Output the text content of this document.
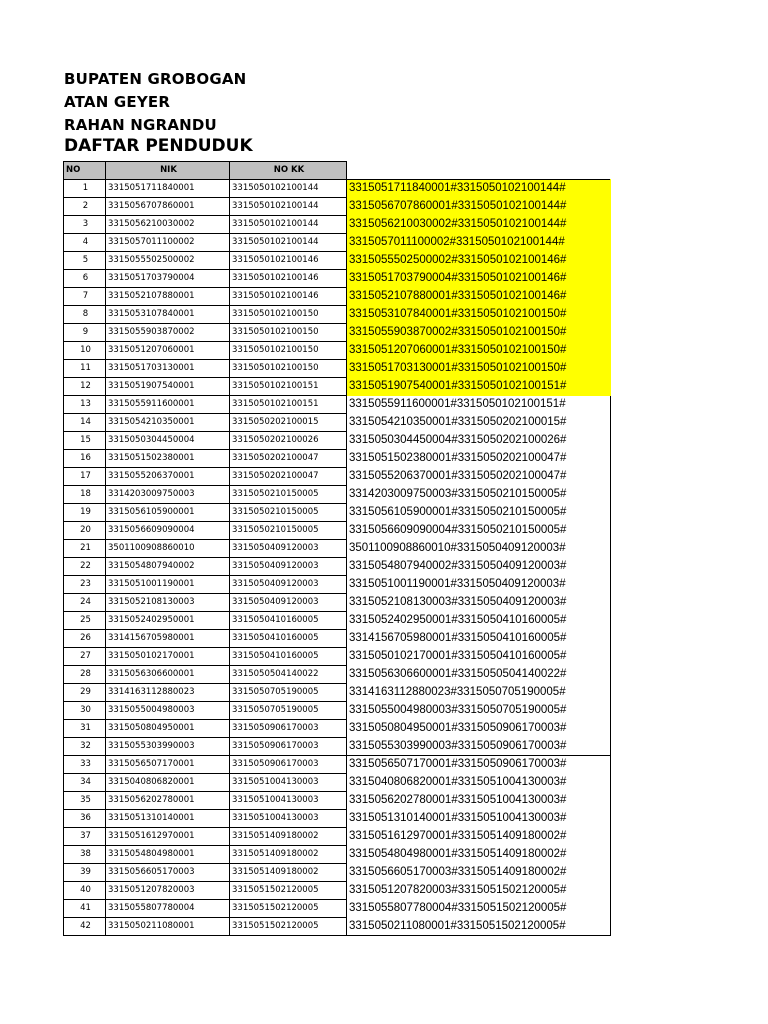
BUPATEN GROBOGAN
ATAN GEYER
RAHAN NGRANDU
DAFTAR PENDUDUK
NO	NIK	NO KK	
1	3315051711840001	3315050102100144	3315051711840001#3315050102100144#
2	3315056707860001	3315050102100144	3315056707860001#3315050102100144#
3	3315056210030002	3315050102100144	3315056210030002#3315050102100144#
4	3315057011100002	3315050102100144	3315057011100002#3315050102100144#
5	3315055502500002	3315050102100146	3315055502500002#3315050102100146#
6	3315051703790004	3315050102100146	3315051703790004#3315050102100146#
7	3315052107880001	3315050102100146	3315052107880001#3315050102100146#
8	3315053107840001	3315050102100150	3315053107840001#3315050102100150#
9	3315055903870002	3315050102100150	3315055903870002#3315050102100150#
10	3315051207060001	3315050102100150	3315051207060001#3315050102100150#
11	3315051703130001	3315050102100150	3315051703130001#3315050102100150#
12	3315051907540001	3315050102100151	3315051907540001#3315050102100151#
13	3315055911600001	3315050102100151	3315055911600001#3315050102100151#
14	3315054210350001	3315050202100015	3315054210350001#3315050202100015#
15	3315050304450004	3315050202100026	3315050304450004#3315050202100026#
16	3315051502380001	3315050202100047	3315051502380001#3315050202100047#
17	3315055206370001	3315050202100047	3315055206370001#3315050202100047#
18	3314203009750003	3315050210150005	3314203009750003#3315050210150005#
19	3315056105900001	3315050210150005	3315056105900001#3315050210150005#
20	3315056609090004	3315050210150005	3315056609090004#3315050210150005#
21	3501100908860010	3315050409120003	3501100908860010#3315050409120003#
22	3315054807940002	3315050409120003	3315054807940002#3315050409120003#
23	3315051001190001	3315050409120003	3315051001190001#3315050409120003#
24	3315052108130003	3315050409120003	3315052108130003#3315050409120003#
25	3315052402950001	3315050410160005	3315052402950001#3315050410160005#
26	3314156705980001	3315050410160005	3314156705980001#3315050410160005#
27	3315050102170001	3315050410160005	3315050102170001#3315050410160005#
28	3315056306600001	3315050504140022	3315056306600001#3315050504140022#
29	3314163112880023	3315050705190005	3314163112880023#3315050705190005#
30	3315055004980003	3315050705190005	3315055004980003#3315050705190005#
31	3315050804950001	3315050906170003	3315050804950001#3315050906170003#
32	3315055303990003	3315050906170003	3315055303990003#3315050906170003#
33	3315056507170001	3315050906170003	3315056507170001#3315050906170003#
34	3315040806820001	3315051004130003	3315040806820001#3315051004130003#
35	3315056202780001	3315051004130003	3315056202780001#3315051004130003#
36	3315051310140001	3315051004130003	3315051310140001#3315051004130003#
37	3315051612970001	3315051409180002	3315051612970001#3315051409180002#
38	3315054804980001	3315051409180002	3315054804980001#3315051409180002#
39	3315056605170003	3315051409180002	3315056605170003#3315051409180002#
40	3315051207820003	3315051502120005	3315051207820003#3315051502120005#
41	3315055807780004	3315051502120005	3315055807780004#3315051502120005#
42	3315050211080001	3315051502120005	3315050211080001#3315051502120005#
